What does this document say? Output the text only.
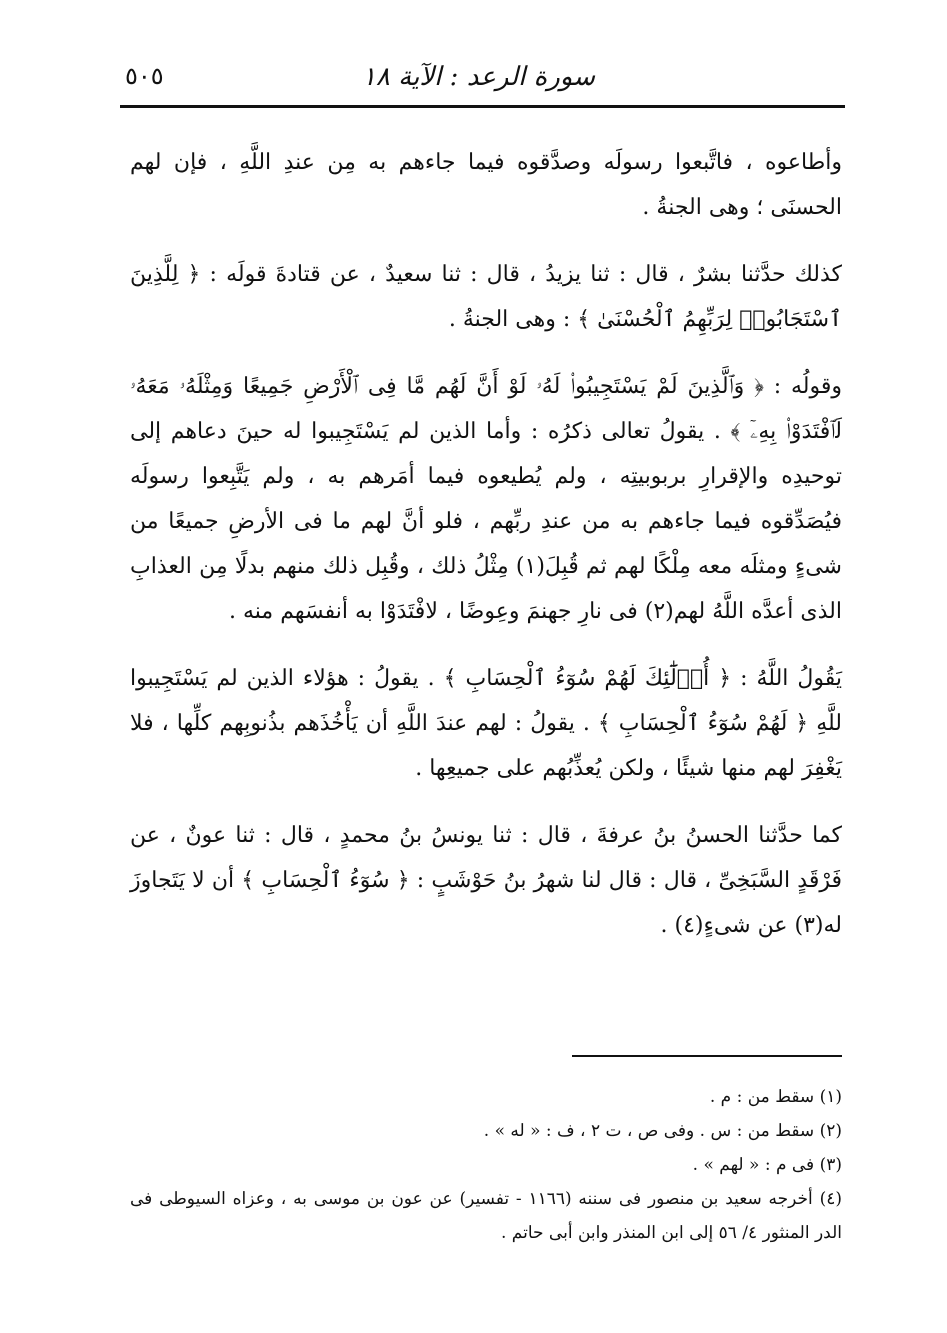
سورة الرعد : الآية ١٨
٥٠٥

وأطاعوه ، فاتَّبعوا رسولَه وصدَّقوه فيما جاءهم به مِن عندِ اللَّهِ ، فإن لهم الحسنَى ؛ وهى الجنةُ .

كذلك حدَّثنا بشرٌ ، قال : ثنا يزيدُ ، قال : ثنا سعيدٌ ، عن قتادةَ قولَه : ﴿ لِلَّذِينَ ٱسْتَجَابُوا۟ لِرَبِّهِمُ ٱلْحُسْنَىٰ ﴾ : وهى الجنةُ .

وقولُه : ﴿ وَٱلَّذِينَ لَمْ يَسْتَجِيبُوا۟ لَهُۥ لَوْ أَنَّ لَهُم مَّا فِى ٱلْأَرْضِ جَمِيعًا وَمِثْلَهُۥ مَعَهُۥ لَٱفْتَدَوْا۟ بِهِۦٓ ﴾ . يقولُ تعالى ذكرُه : وأما الذين لم يَسْتَجِيبوا له حينَ دعاهم إلى توحيدِه والإقرارِ بربوبيتِه ، ولم يُطيعوه فيما أمَرهم به ، ولم يَتَّبِعوا رسولَه فيُصَدِّقوه فيما جاءهم به من عندِ ربِّهم ، فلو أنَّ لهم ما فى الأرضِ جميعًا من شىءٍ ومثلَه معه مِلْكًا لهم ثم قُبِلَ(١) مِثْلُ ذلك ، وقُبِل ذلك منهم بدلًا مِن العذابِ الذى أعدَّه اللَّهُ لهم(٢) فى نارِ جهنمَ وعِوضًا ، لافْتَدَوْا به أنفسَهم منه .

يَقُولُ اللَّهُ : ﴿ أُو۟لَٰٓئِكَ لَهُمْ سُوٓءُ ٱلْحِسَابِ ﴾ . يقولُ : هؤلاء الذين لم يَسْتَجِيبوا للَّهِ ﴿ لَهُمْ سُوٓءُ ٱلْحِسَابِ ﴾ . يقولُ : لهم عندَ اللَّهِ أن يَأْخُذَهم بذُنوبِهم كلِّها ، فلا يَغْفِرَ لهم منها شيئًا ، ولكن يُعذِّبُهم على جميعِها .

كما حدَّثنا الحسنُ بنُ عرفةَ ، قال : ثنا يونسُ بنُ محمدٍ ، قال : ثنا عونٌ ، عن فَرْقَدٍ السَّبَخِىِّ ، قال : قال لنا شهرُ بنُ حَوْشَبٍ : ﴿ سُوٓءُ ٱلْحِسَابِ ﴾ أن لا يَتَجاوزَ له(٣) عن شىءٍ(٤) .

(١) سقط من : م .

(٢) سقط من : س . وفى ص ، ت ٢ ، ف : « له » .

(٣) فى م : « لهم » .

(٤) أخرجه سعيد بن منصور فى سننه (١١٦٦ - تفسير) عن عون بن موسى به ، وعزاه السيوطى فى الدر المنثور ٤/ ٥٦ إلى ابن المنذر وابن أبى حاتم .
